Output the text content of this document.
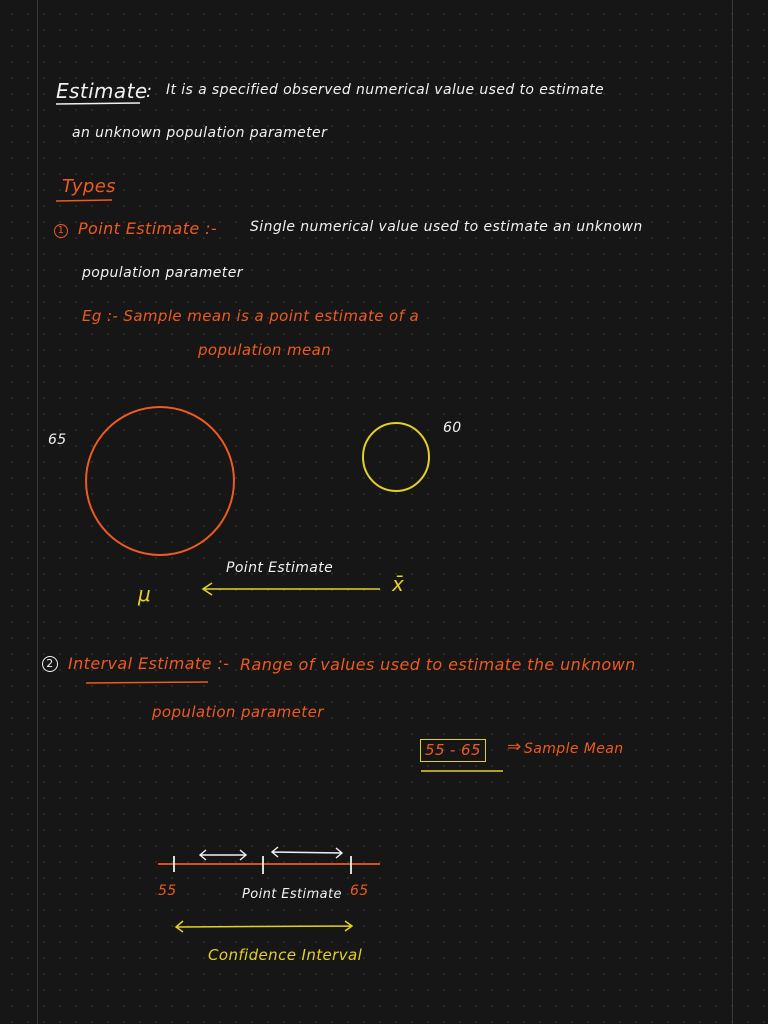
Estimate
: It is a specified observed numerical value used to estimate
an unknown population parameter
Types
1 Point Estimate :- Single numerical value used to estimate an unknown
population parameter
Eg :- Sample mean is a point estimate of a
population mean
65
60
Point Estimate
μ	x̄
2 Interval Estimate :- Range of values used to estimate the unknown
population parameter
55 - 65 ⇒ Sample Mean
55	Point Estimate 65
Confidence Interval
